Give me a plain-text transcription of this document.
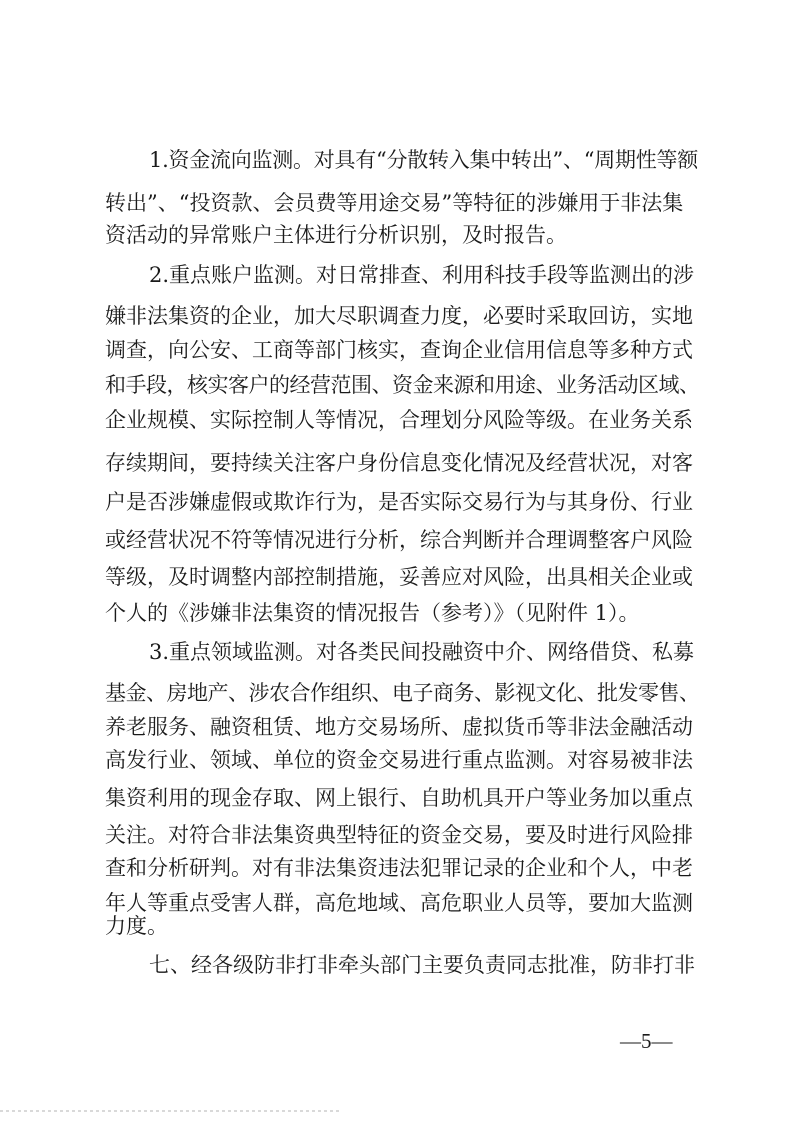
1.资金流向监测。对具有“分散转入集中转出”、“周期性等额
转出”、“投资款、会员费等用途交易”等特征的涉嫌用于非法集
资活动的异常账户主体进行分析识别，及时报告。
2.重点账户监测。对日常排查、利用科技手段等监测出的涉
嫌非法集资的企业，加大尽职调查力度，必要时采取回访，实地
调查，向公安、工商等部门核实，查询企业信用信息等多种方式
和手段，核实客户的经营范围、资金来源和用途、业务活动区域、
企业规模、实际控制人等情况，合理划分风险等级。在业务关系
存续期间，要持续关注客户身份信息变化情况及经营状况，对客
户是否涉嫌虚假或欺诈行为，是否实际交易行为与其身份、行业
或经营状况不符等情况进行分析，综合判断并合理调整客户风险
等级，及时调整内部控制措施，妥善应对风险，出具相关企业或
个人的《涉嫌非法集资的情况报告（参考）》（见附件 1）。
3.重点领域监测。对各类民间投融资中介、网络借贷、私募
基金、房地产、涉农合作组织、电子商务、影视文化、批发零售、
养老服务、融资租赁、地方交易场所、虚拟货币等非法金融活动
高发行业、领域、单位的资金交易进行重点监测。对容易被非法
集资利用的现金存取、网上银行、自助机具开户等业务加以重点
关注。对符合非法集资典型特征的资金交易，要及时进行风险排
查和分析研判。对有非法集资违法犯罪记录的企业和个人，中老
年人等重点受害人群，高危地域、高危职业人员等，要加大监测
力度。
七、经各级防非打非牵头部门主要负责同志批准，防非打非
—5—
